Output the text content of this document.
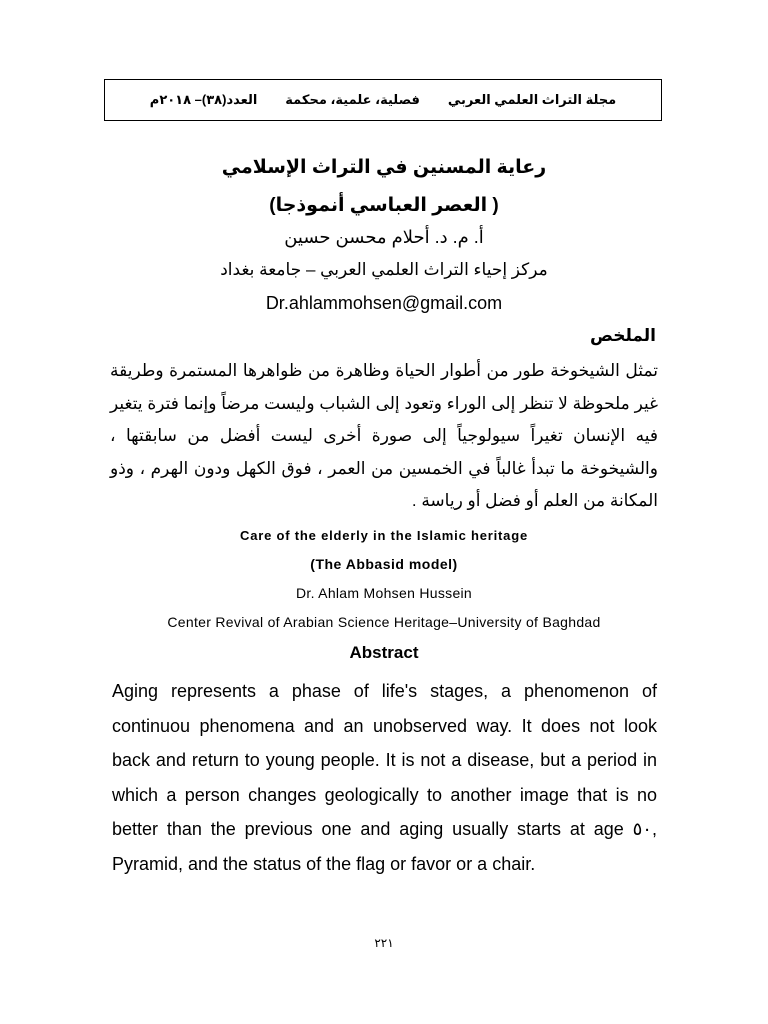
مجلة التراث العلمي العربي
فصلية، علمية، محكمة
العدد(٣٨)– ٢٠١٨م
رعاية المسنين في التراث الإسلامي
( العصر العباسي أنموذجا)
أ. م. د. أحلام محسن حسين
مركز إحياء التراث العلمي العربي – جامعة بغداد
Dr.ahlammohsen@gmail.com
الملخص

تمثل الشيخوخة طور من أطوار الحياة وظاهرة من ظواهرها المستمرة وطريقة غير ملحوظة لا تنظر إلى الوراء وتعود إلى الشباب وليست مرضاً وإنما فترة يتغير فيه الإنسان تغيراً سيولوجياً إلى صورة أخرى ليست أفضل من سابقتها ، والشيخوخة ما تبدأ غالباً في الخمسين من العمر ، فوق الكهل ودون الهرم ، وذو المكانة من العلم أو فضل أو رياسة .

Care of the elderly in the Islamic heritage
(The Abbasid model)
Dr. Ahlam Mohsen Hussein
Center Revival of Arabian Science Heritage–University of Baghdad
Abstract

Aging represents a phase of life's stages, a phenomenon of continuou phenomena and an unobserved way. It does not look back and return to young people. It is not a disease, but a period in which a person changes geologically to another image that is no better than the previous one and aging usually starts at age ٥٠, Pyramid, and the status of the flag or favor or a chair.

٢٢١
